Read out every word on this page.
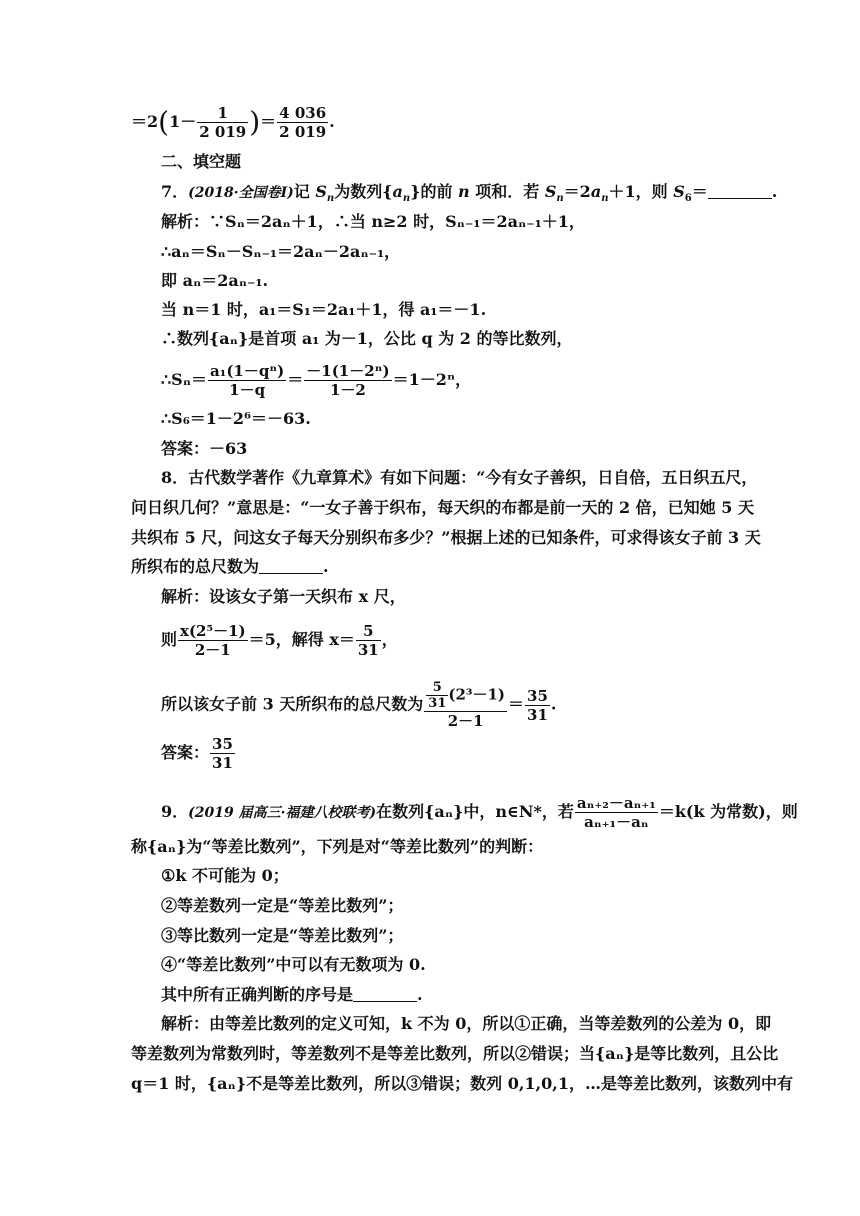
$=2(1- \frac{1}{2 019}$ )＝ $\frac{4 036}{2 019}$ .
二、填空题
7．(2018·全国卷Ⅰ)记 $S_n$为数列$\{a_n\}$的前 n 项和．若 $S_n=2a_n+1$，则 $S_6=$	.
解析：∵Sₙ＝2aₙ＋1，∴当 n≥2 时，Sₙ₋₁＝2aₙ₋₁＋1，
∴aₙ＝Sₙ－Sₙ₋₁＝2aₙ－2aₙ₋₁，
即 aₙ＝2aₙ₋₁.
当 n＝1 时，a₁＝S₁＝2a₁＋1，得 a₁＝－1.
∴数列{aₙ}是首项 a₁ 为－1，公比 q 为 2 的等比数列，
∴Sₙ＝ $\frac{\text{a₁(1－qⁿ)}}{1-q} = \frac{\text{－1(1－2ⁿ)}}{1-2} =1-2^n$，
∴S₆＝1－2⁶＝－63.
答案：－63
8．古代数学著作《九章算术》有如下问题：“今有女子善织，日自倍，五日织五尺，
问日织几何？”意思是：“一女子善于织布，每天织的布都是前一天的 2 倍，已知她 5 天
共织布 5 尺，问这女子每天分别织布多少？”根据上述的已知条件，可求得该女子前 3 天
所织布的总尺数为	.
解析：设该女子第一天织布 x 尺，
则 $\frac{\text{x(2⁵－1)}}{2-1} =5$，解得 $x= \frac{5}{31}$ ，
所以该女子前 3 天所织布的总尺数为 $\frac{\frac{5}{31} (2^3-1)}{2-1} = \frac{35}{31}$ .
答案： $\frac{35}{31}$
9．(2019 届高三·福建八校联考)在数列{aₙ}中，n∈N*，若 $\frac{\text{aₙ₊₂－aₙ₊₁}}{\text{aₙ₊₁－aₙ}} =k(k$ 为常数)，则
称{aₙ}为“等差比数列”，下列是对“等差比数列”的判断：
①k 不可能为 0；
②等差数列一定是“等差比数列”；
③等比数列一定是“等差比数列”；
④“等差比数列”中可以有无数项为 0.
其中所有正确判断的序号是	.
解析：由等差比数列的定义可知，k 不为 0，所以①正确，当等差数列的公差为 0，即
等差数列为常数列时，等差数列不是等差比数列，所以②错误；当{aₙ}是等比数列，且公比
q＝1 时，{aₙ}不是等差比数列，所以③错误；数列 0,1,0,1，…是等差比数列，该数列中有
